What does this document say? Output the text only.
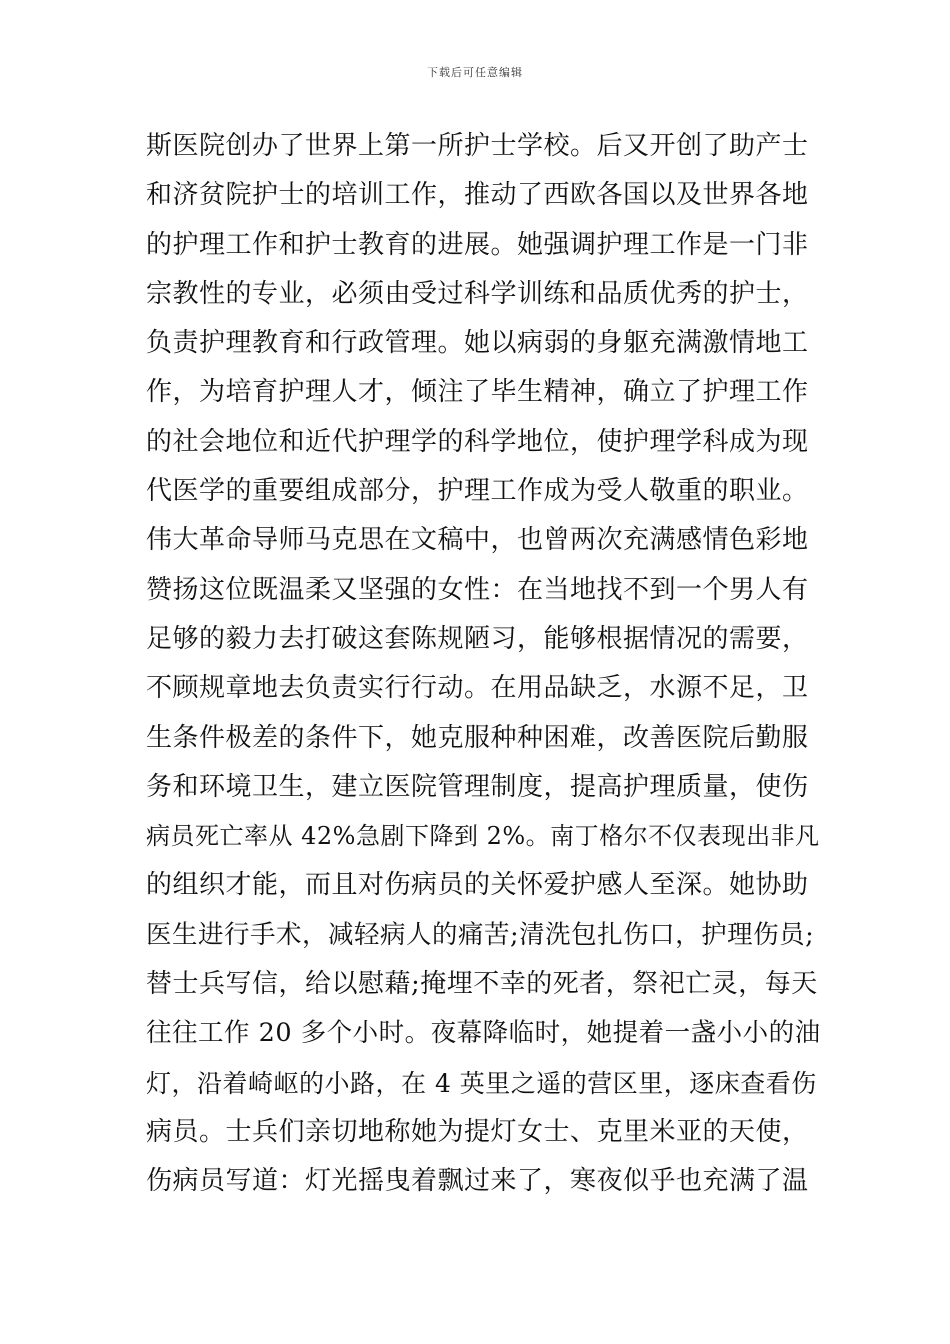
下载后可任意编辑
斯医院创办了世界上第一所护士学校。后又开创了助产士
和济贫院护士的培训工作，推动了西欧各国以及世界各地
的护理工作和护士教育的进展。她强调护理工作是一门非
宗教性的专业，必须由受过科学训练和品质优秀的护士，
负责护理教育和行政管理。她以病弱的身躯充满激情地工
作，为培育护理人才，倾注了毕生精神，确立了护理工作
的社会地位和近代护理学的科学地位，使护理学科成为现
代医学的重要组成部分，护理工作成为受人敬重的职业。
伟大革命导师马克思在文稿中，也曾两次充满感情色彩地
赞扬这位既温柔又坚强的女性：在当地找不到一个男人有
足够的毅力去打破这套陈规陋习，能够根据情况的需要，
不顾规章地去负责实行行动。在用品缺乏，水源不足，卫
生条件极差的条件下，她克服种种困难，改善医院后勤服
务和环境卫生，建立医院管理制度，提高护理质量，使伤
病员死亡率从 42%急剧下降到 2%。南丁格尔不仅表现出非凡
的组织才能，而且对伤病员的关怀爱护感人至深。她协助
医生进行手术，减轻病人的痛苦;清洗包扎伤口，护理伤员;
替士兵写信，给以慰藉;掩埋不幸的死者，祭祀亡灵，每天
往往工作 20 多个小时。夜幕降临时，她提着一盏小小的油
灯，沿着崎岖的小路，在 4 英里之遥的营区里，逐床查看伤
病员。士兵们亲切地称她为提灯女士、克里米亚的天使，
伤病员写道：灯光摇曳着飘过来了，寒夜似乎也充满了温
